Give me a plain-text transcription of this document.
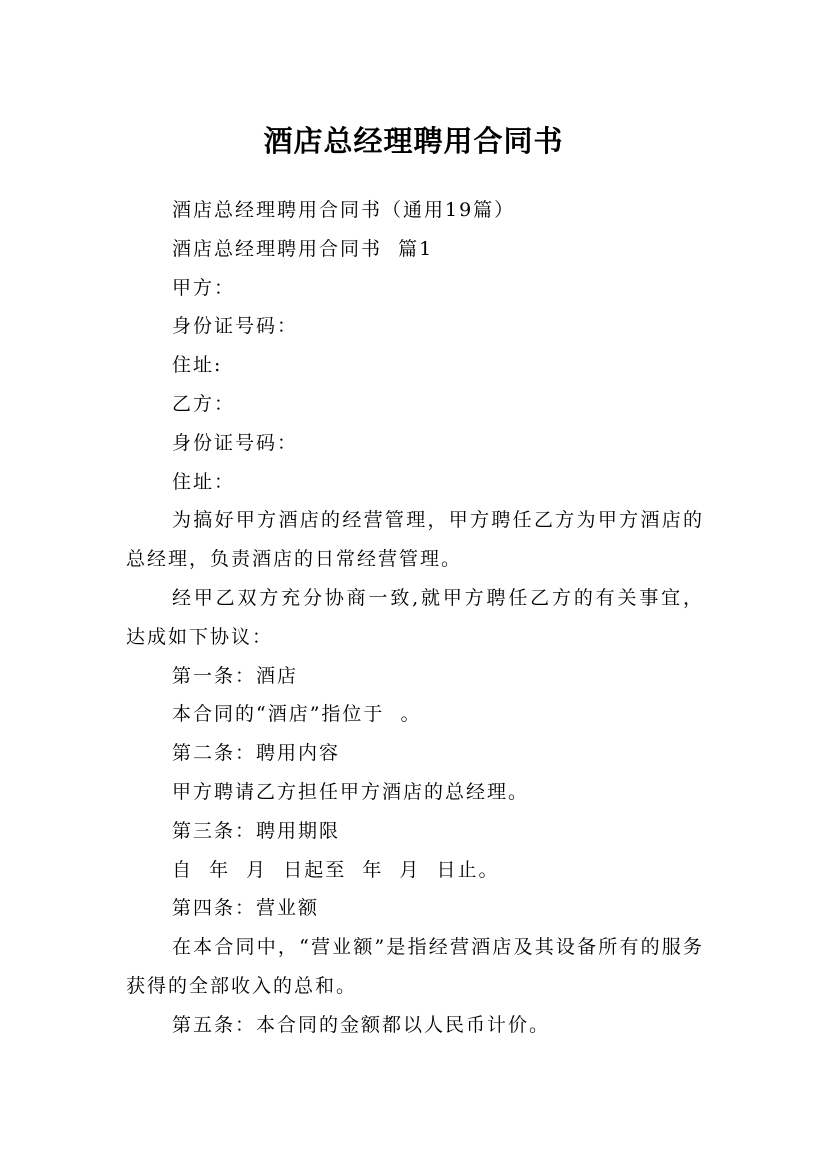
酒店总经理聘用合同书

酒店总经理聘用合同书（通用19篇）

酒店总经理聘用合同书  篇1

甲方：

身份证号码：

住址:

乙方：

身份证号码：

住址：

为搞好甲方酒店的经营管理，甲方聘任乙方为甲方酒店的总经理，负责酒店的日常经营管理。

经甲乙双方充分协商一致,就甲方聘任乙方的有关事宜，达成如下协议：

第一条：酒店

本合同的“酒店”指位于  。

第二条：聘用内容

甲方聘请乙方担任甲方酒店的总经理。

第三条：聘用期限

自  年  月  日起至  年  月  日止。

第四条：营业额

在本合同中，“营业额”是指经营酒店及其设备所有的服务获得的全部收入的总和。

第五条：本合同的金额都以人民币计价。
